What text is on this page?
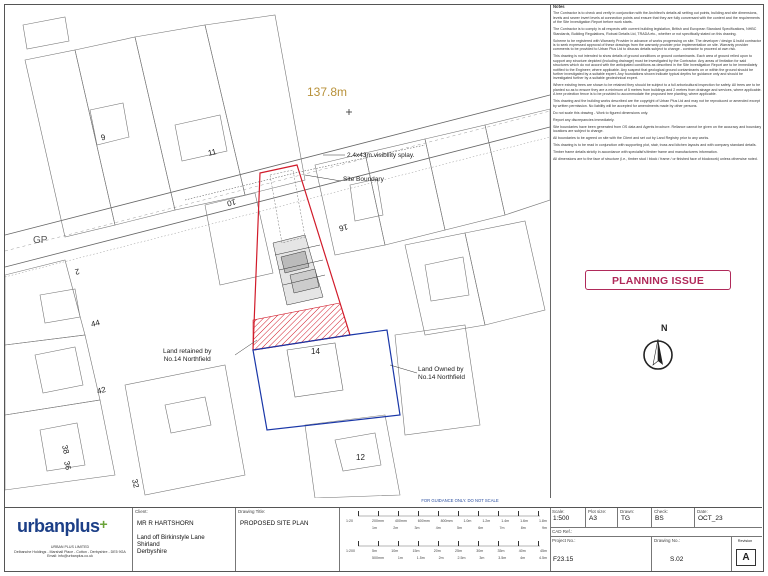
137.8m
GP
2.4x43m visibility splay.
Site Boundary
Land retained by
No.14 Northfield
Land Owned by
No.14 Northfield
9
11
10
16
2
44
42
14
38
36
12
32
Notes

The Contractor is to check and verify in conjunction with the Architect's details all setting out points, building and site dimensions, levels and sewer invert levels at connection points and ensure that they are fully conversant with the content and the requirements of the Site Investigation Report before work starts.

The Contractor is to comply in all respects with current building legislation, British and European Standard Specifications, NHBC Standards, Building Regulations, Robust Details Ltd, TRADA etc., whether or not specifically stated on this drawing.

Scheme to be registered with Warranty Provider in advance of works progressing on site. The developer / design & build contractor is to seek expressed approval of these drawings from the warranty provider prior implementation on site. Warranty provider comments to be provided to Urban Plus Ltd to discuss details subject to change - contractor to proceed at own risk.

This drawing is not intended to show details of ground conditions or ground contaminants. Each area of ground relied upon to support any structure depicted (including drainage) must be investigated by the Contractor. Any areas of limitation for said structures which do not accord with the anticipated conditions as described in the Site Investigation Report are to be immediately notified to the Engineer; where applicable. Any suspect that geological ground contaminants on or within the ground should be further investigated by a suitable expert. Any foundations shown indicate typical depths for guidance only and should be investigated further by a suitable geotechnical expert.

Where existing trees are shown to be retained they should be subject to a full arboricultural inspection for safety. All trees are to be planted so as to ensure they are a minimum of 5 metres from buildings and 2 metres from drainage and services, where applicable. A tree protection fence is to be provided to accommodate the proposed tree planting, where applicable.

This drawing and the building works described are the copyright of Urban Plus Ltd and may not be reproduced or amended except by written permission. No liability will be accepted for amendments made by other persons.

Do not scale this drawing - Work to figured dimensions only.

Report any discrepancies immediately.

Site boundaries have been generated from OS data and Agents brochure. Reliance cannot be given on the accuracy and boundary locations are subject to change.

All boundaries to be agreed on site with the Client and set out by Land Registry prior to any works.

This drawing is to be read in conjunction with supporting plot, stair, truss and kitchen layouts and with company standard details.

Timber frame details strictly in accordance with specialist's/timber frame and manufacturers information.

All dimensions are to the face of structure (i.e., timber stud / block / frame / or finished face of blockwork) unless otherwise noted.

PLANNING ISSUE
N
FOR GUIDANCE ONLY. DO NOT SCALE
urbanplus+
URBAN PLUS LIMITED
Delbanche Holdings - Marshall Place - Cotton - Derbyshire - DE5 9GA
Email: info@urbanplus.co.uk
Client:
MR R HARTSHORN
Land off Birkinstyle Lane
Shirland
Derbyshire
Drawing Title:
PROPOSED SITE PLAN	1:20	200mm	400mm	600mm	800mm	1.0m	1.2m	1.4m	1.6m	1.8m
1m	2m	3m	4m	5m	6m	7m	8m	9m
1:200	5m	10m	15m	20m	25m	30m	35m	40m	45m
500mm	1m	1.5m	2m	2.5m	3m	3.5m	4m	4.5m
Scale:
1:500
Plot size:
A3
Drawn:
TG
Check:
BS
Date:
OCT_23
CAD Ref.:
Project No.:
F23.15
Drawing No.:
S.02
Revision
A
